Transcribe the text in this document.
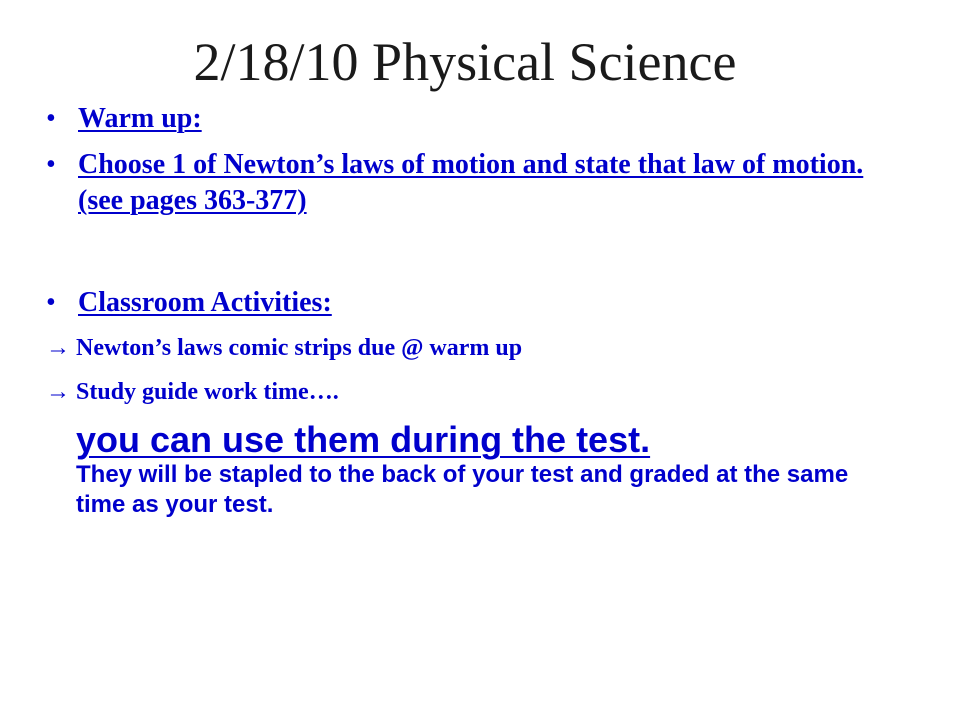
2/18/10 Physical Science
• Warm up:
• Choose 1 of Newton’s laws of motion and state that law of motion. (see pages 363-377)
• Classroom Activities:
→ Newton’s laws comic strips due @ warm up
→ Study guide work time….
you can use them during the test.
They will be stapled to the back of your test and graded at the same time as your test.
